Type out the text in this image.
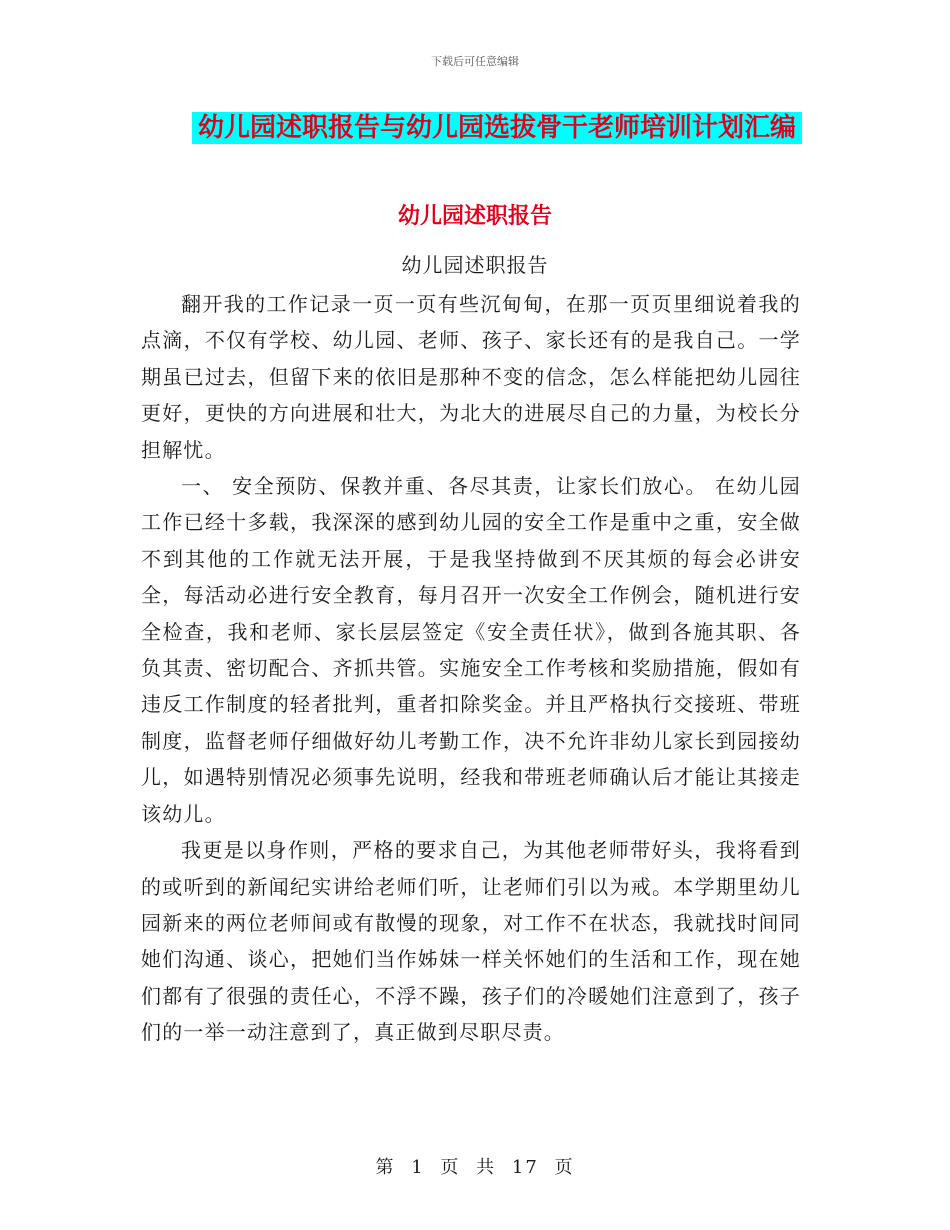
下载后可任意编辑
幼儿园述职报告与幼儿园选拔骨干老师培训计划汇编
幼儿园述职报告
幼儿园述职报告

翻开我的工作记录一页一页有些沉甸甸，在那一页页里细说着我的点滴，不仅有学校、幼儿园、老师、孩子、家长还有的是我自己。一学期虽已过去，但留下来的依旧是那种不变的信念，怎么样能把幼儿园往更好，更快的方向进展和壮大，为北大的进展尽自己的力量，为校长分担解忧。

一、 安全预防、保教并重、各尽其责，让家长们放心。 在幼儿园工作已经十多载，我深深的感到幼儿园的安全工作是重中之重，安全做不到其他的工作就无法开展，于是我坚持做到不厌其烦的每会必讲安全，每活动必进行安全教育，每月召开一次安全工作例会，随机进行安全检查，我和老师、家长层层签定《安全责任状》，做到各施其职、各负其责、密切配合、齐抓共管。实施安全工作考核和奖励措施，假如有违反工作制度的轻者批判，重者扣除奖金。并且严格执行交接班、带班制度，监督老师仔细做好幼儿考勤工作，决不允许非幼儿家长到园接幼儿，如遇特别情况必须事先说明，经我和带班老师确认后才能让其接走该幼儿。

我更是以身作则，严格的要求自己，为其他老师带好头，我将看到的或听到的新闻纪实讲给老师们听，让老师们引以为戒。本学期里幼儿园新来的两位老师间或有散慢的现象，对工作不在状态，我就找时间同她们沟通、谈心，把她们当作姊妹一样关怀她们的生活和工作，现在她们都有了很强的责任心，不浮不躁，孩子们的冷暖她们注意到了，孩子们的一举一动注意到了，真正做到尽职尽责。

第 1 页 共 17 页
